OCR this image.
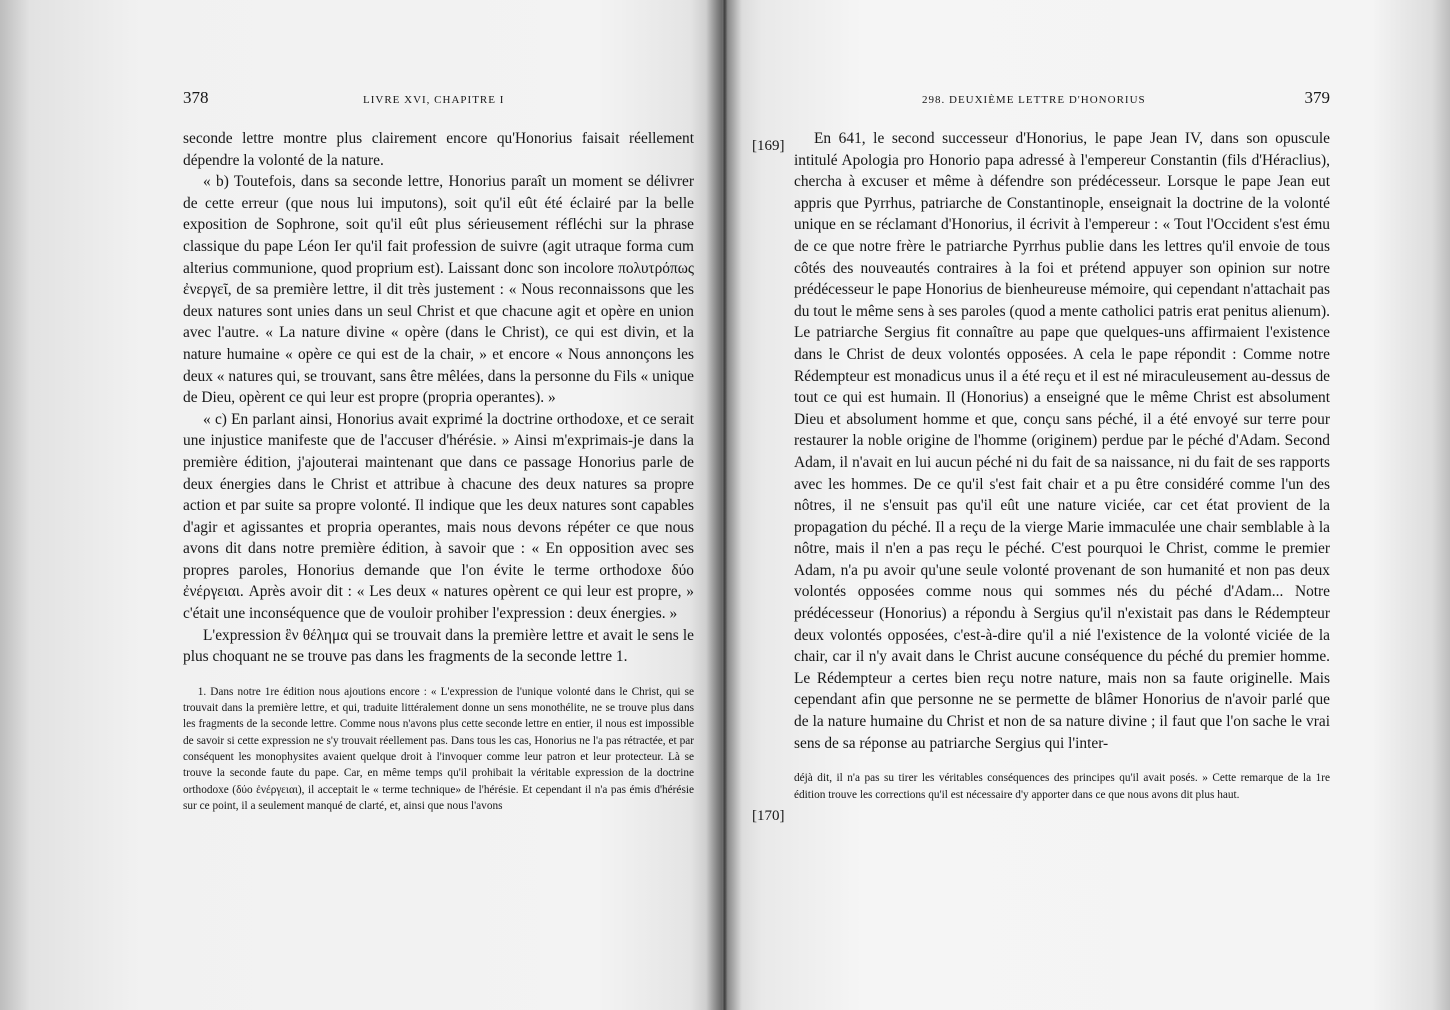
378	LIVRE XVI, CHAPITRE I

seconde lettre montre plus clairement encore qu'Honorius faisait réellement dépendre la volonté de la nature.

« b) Toutefois, dans sa seconde lettre, Honorius paraît un moment se délivrer de cette erreur (que nous lui imputons), soit qu'il eût été éclairé par la belle exposition de Sophrone, soit qu'il eût plus sérieusement réfléchi sur la phrase classique du pape Léon Ier qu'il fait profession de suivre (agit utraque forma cum alterius communione, quod proprium est). Laissant donc son incolore πολυτρόπως ἐνεργεῖ, de sa première lettre, il dit très justement : « Nous reconnaissons que les deux natures sont unies dans un seul Christ et que chacune agit et opère en union avec l'autre. « La nature divine « opère (dans le Christ), ce qui est divin, et la nature humaine « opère ce qui est de la chair, » et encore « Nous annonçons les deux « natures qui, se trouvant, sans être mêlées, dans la personne du Fils « unique de Dieu, opèrent ce qui leur est propre (propria operantes). »

« c) En parlant ainsi, Honorius avait exprimé la doctrine orthodoxe, et ce serait une injustice manifeste que de l'accuser d'hérésie. » Ainsi m'exprimais-je dans la première édition, j'ajouterai maintenant que dans ce passage Honorius parle de deux énergies dans le Christ et attribue à chacune des deux natures sa propre action et par suite sa propre volonté. Il indique que les deux natures sont capables d'agir et agissantes et propria operantes, mais nous devons répéter ce que nous avons dit dans notre première édition, à savoir que : « En opposition avec ses propres paroles, Honorius demande que l'on évite le terme orthodoxe δύο ἐνέργειαι. Après avoir dit : « Les deux « natures opèrent ce qui leur est propre, » c'était une inconséquence que de vouloir prohiber l'expression : deux énergies. »

L'expression ἓν θέλημα qui se trouvait dans la première lettre et avait le sens le plus choquant ne se trouve pas dans les fragments de la seconde lettre 1.

1. Dans notre 1re édition nous ajoutions encore : « L'expression de l'unique volonté dans le Christ, qui se trouvait dans la première lettre, et qui, traduite littéralement donne un sens monothélite, ne se trouve plus dans les fragments de la seconde lettre. Comme nous n'avons plus cette seconde lettre en entier, il nous est impossible de savoir si cette expression ne s'y trouvait réellement pas. Dans tous les cas, Honorius ne l'a pas rétractée, et par conséquent les monophysites avaient quelque droit à l'invoquer comme leur patron et leur protecteur. Là se trouve la seconde faute du pape. Car, en même temps qu'il prohibait la véritable expression de la doctrine orthodoxe (δύο ἐνέργειαι), il acceptait le « terme technique» de l'hérésie. Et cependant il n'a pas émis d'hérésie sur ce point, il a seulement manqué de clarté, et, ainsi que nous l'avons

298. DEUXIÈME LETTRE D'HONORIUS	379
[169]
[170]

En 641, le second successeur d'Honorius, le pape Jean IV, dans son opuscule intitulé Apologia pro Honorio papa adressé à l'empereur Constantin (fils d'Héraclius), chercha à excuser et même à défendre son prédécesseur. Lorsque le pape Jean eut appris que Pyrrhus, patriarche de Constantinople, enseignait la doctrine de la volonté unique en se réclamant d'Honorius, il écrivit à l'empereur : « Tout l'Occident s'est ému de ce que notre frère le patriarche Pyrrhus publie dans les lettres qu'il envoie de tous côtés des nouveautés contraires à la foi et prétend appuyer son opinion sur notre prédécesseur le pape Honorius de bienheureuse mémoire, qui cependant n'attachait pas du tout le même sens à ses paroles (quod a mente catholici patris erat penitus alienum). Le patriarche Sergius fit connaître au pape que quelques-uns affirmaient l'existence dans le Christ de deux volontés opposées. A cela le pape répondit : Comme notre Rédempteur est monadicus unus il a été reçu et il est né miraculeusement au-dessus de tout ce qui est humain. Il (Honorius) a enseigné que le même Christ est absolument Dieu et absolument homme et que, conçu sans péché, il a été envoyé sur terre pour restaurer la noble origine de l'homme (originem) perdue par le péché d'Adam. Second Adam, il n'avait en lui aucun péché ni du fait de sa naissance, ni du fait de ses rapports avec les hommes. De ce qu'il s'est fait chair et a pu être considéré comme l'un des nôtres, il ne s'ensuit pas qu'il eût une nature viciée, car cet état provient de la propagation du péché. Il a reçu de la vierge Marie immaculée une chair semblable à la nôtre, mais il n'en a pas reçu le péché. C'est pourquoi le Christ, comme le premier Adam, n'a pu avoir qu'une seule volonté provenant de son humanité et non pas deux volontés opposées comme nous qui sommes nés du péché d'Adam... Notre prédécesseur (Honorius) a répondu à Sergius qu'il n'existait pas dans le Rédempteur deux volontés opposées, c'est-à-dire qu'il a nié l'existence de la volonté viciée de la chair, car il n'y avait dans le Christ aucune conséquence du péché du premier homme. Le Rédempteur a certes bien reçu notre nature, mais non sa faute originelle. Mais cependant afin que personne ne se permette de blâmer Honorius de n'avoir parlé que de la nature humaine du Christ et non de sa nature divine ; il faut que l'on sache le vrai sens de sa réponse au patriarche Sergius qui l'inter-

déjà dit, il n'a pas su tirer les véritables conséquences des principes qu'il avait posés. » Cette remarque de la 1re édition trouve les corrections qu'il est nécessaire d'y apporter dans ce que nous avons dit plus haut.
